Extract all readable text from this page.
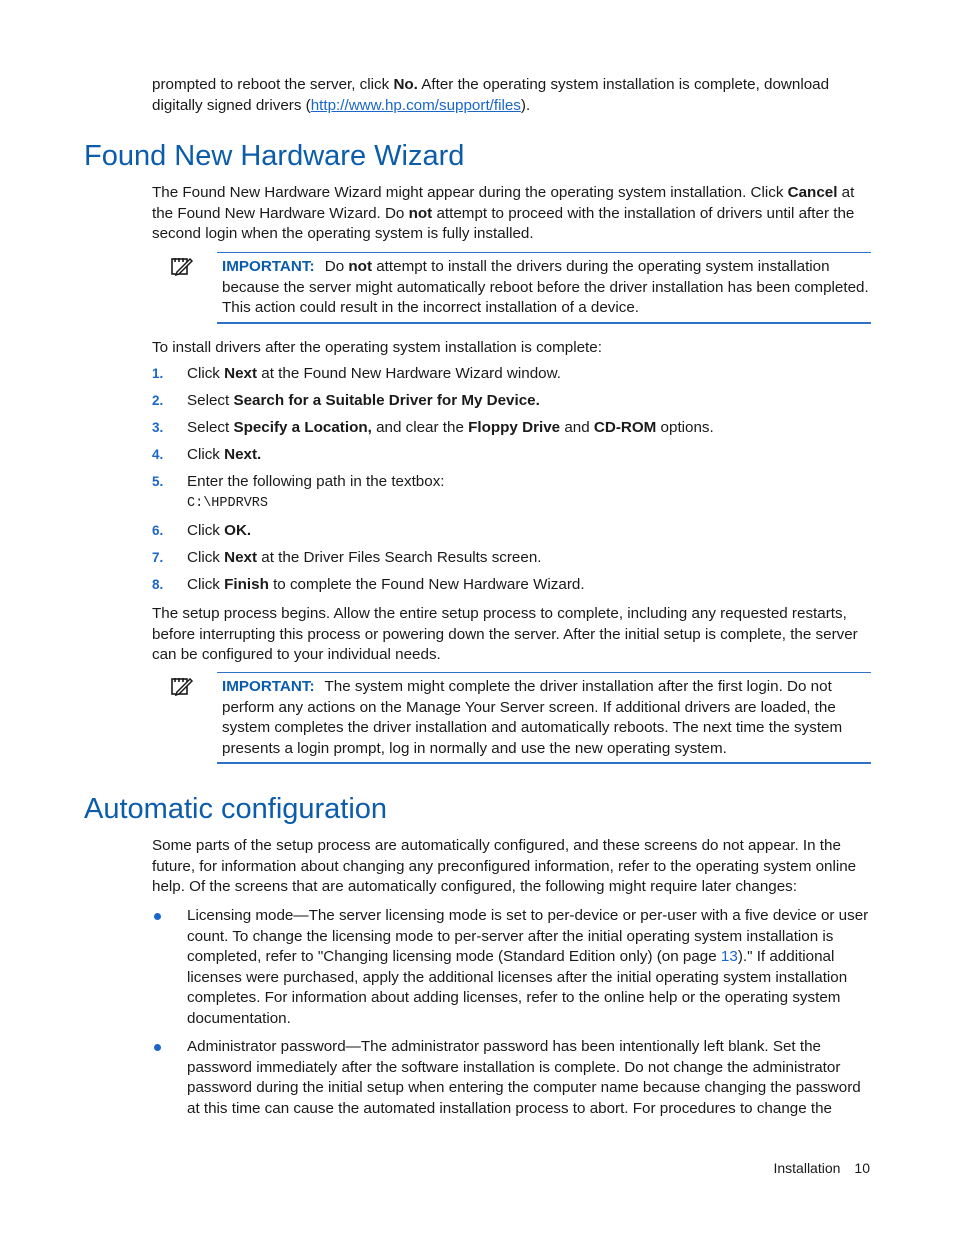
prompted to reboot the server, click No. After the operating system installation is complete, download digitally signed drivers (http://www.hp.com/support/files).

Found New Hardware Wizard

The Found New Hardware Wizard might appear during the operating system installation. Click Cancel at the Found New Hardware Wizard. Do not attempt to proceed with the installation of drivers until after the second login when the operating system is fully installed.

IMPORTANT: Do not attempt to install the drivers during the operating system installation because the server might automatically reboot before the driver installation has been completed. This action could result in the incorrect installation of a device.

To install drivers after the operating system installation is complete:

1. Click Next at the Found New Hardware Wizard window.
2. Select Search for a Suitable Driver for My Device.
3. Select Specify a Location, and clear the Floppy Drive and CD-ROM options.
4. Click Next.
5. Enter the following path in the textbox:
C:\HPDRVRS
6. Click OK.
7. Click Next at the Driver Files Search Results screen.
8. Click Finish to complete the Found New Hardware Wizard.

The setup process begins. Allow the entire setup process to complete, including any requested restarts, before interrupting this process or powering down the server. After the initial setup is complete, the server can be configured to your individual needs.

IMPORTANT: The system might complete the driver installation after the first login. Do not perform any actions on the Manage Your Server screen. If additional drivers are loaded, the system completes the driver installation and automatically reboots. The next time the system presents a login prompt, log in normally and use the new operating system.

Automatic configuration

Some parts of the setup process are automatically configured, and these screens do not appear. In the future, for information about changing any preconfigured information, refer to the operating system online help. Of the screens that are automatically configured, the following might require later changes:

Licensing mode—The server licensing mode is set to per-device or per-user with a five device or user count. To change the licensing mode to per-server after the initial operating system installation is completed, refer to "Changing licensing mode (Standard Edition only) (on page 13)." If additional licenses were purchased, apply the additional licenses after the initial operating system installation completes. For information about adding licenses, refer to the online help or the operating system documentation.
Administrator password—The administrator password has been intentionally left blank. Set the password immediately after the software installation is complete. Do not change the administrator password during the initial setup when entering the computer name because changing the password at this time can cause the automated installation process to abort. For procedures to change the
Installation 10
